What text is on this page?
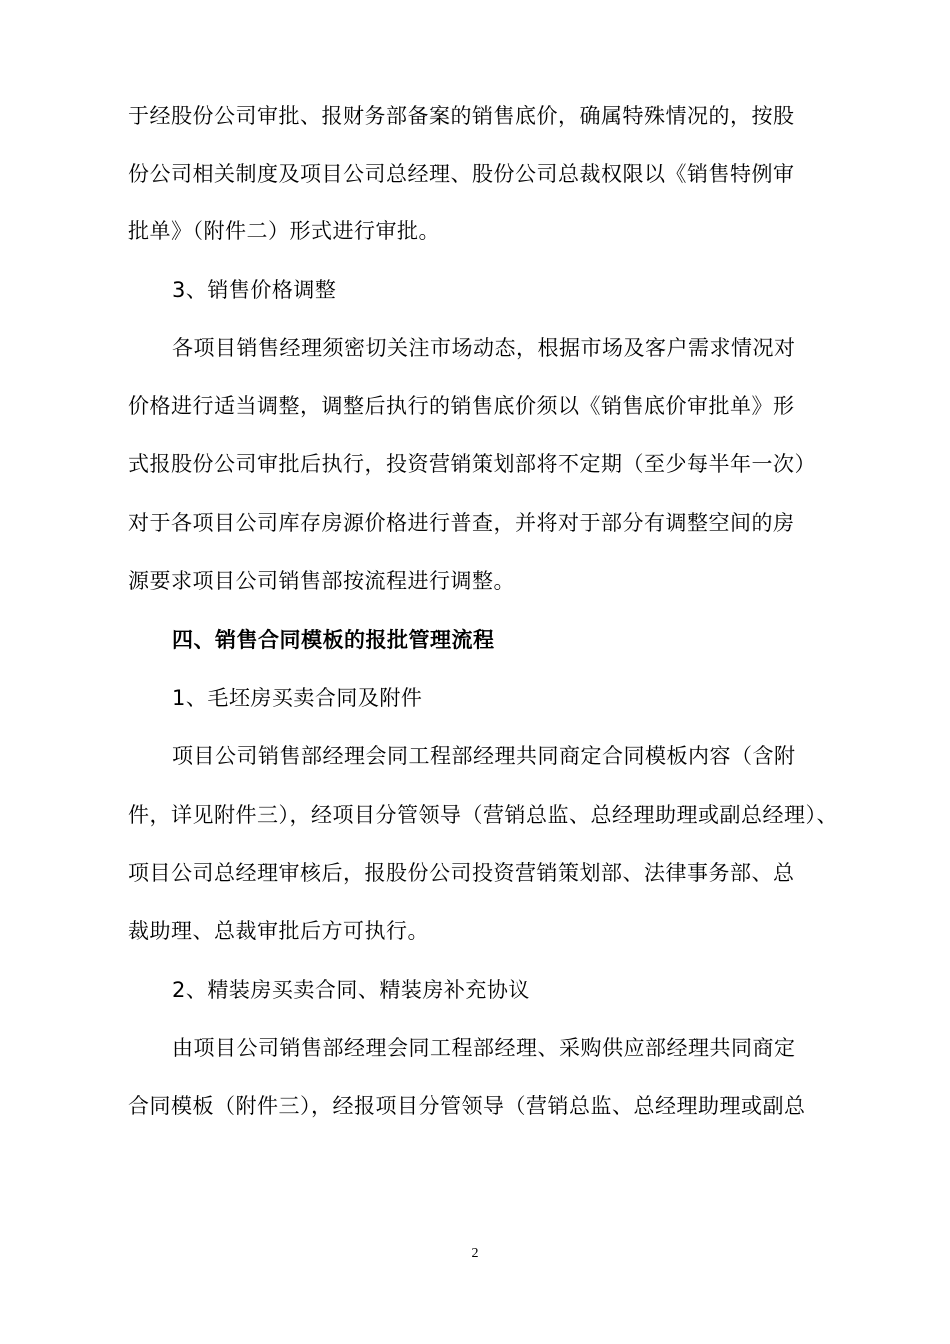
于经股份公司审批、报财务部备案的销售底价，确属特殊情况的，按股
份公司相关制度及项目公司总经理、股份公司总裁权限以《销售特例审
批单》（附件二）形式进行审批。
3、销售价格调整
各项目销售经理须密切关注市场动态，根据市场及客户需求情况对
价格进行适当调整，调整后执行的销售底价须以《销售底价审批单》形
式报股份公司审批后执行，投资营销策划部将不定期（至少每半年一次）
对于各项目公司库存房源价格进行普查，并将对于部分有调整空间的房
源要求项目公司销售部按流程进行调整。
四、销售合同模板的报批管理流程
1、毛坯房买卖合同及附件
项目公司销售部经理会同工程部经理共同商定合同模板内容（含附
件，详见附件三），经项目分管领导（营销总监、总经理助理或副总经理）、
项目公司总经理审核后，报股份公司投资营销策划部、法律事务部、总
裁助理、总裁审批后方可执行。
2、精装房买卖合同、精装房补充协议
由项目公司销售部经理会同工程部经理、采购供应部经理共同商定
合同模板（附件三），经报项目分管领导（营销总监、总经理助理或副总
2
